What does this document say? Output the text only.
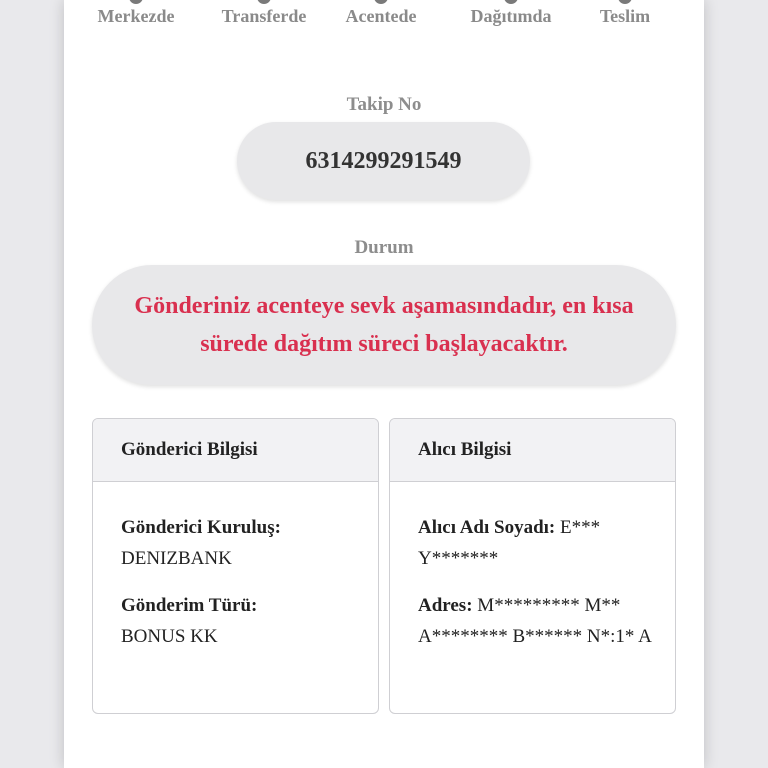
Merkezde	Transferde	Acentede	Dağıtımda	Teslim
Takip No
6314299291549
Durum
Gönderiniz acenteye sevk aşamasındadır, en kısa sürede dağıtım süreci başlayacaktır.
Gönderici Bilgisi
Gönderici Kuruluş:
DENIZBANK
Gönderim Türü:
BONUS KK
Alıcı Bilgisi
Alıcı Adı Soyadı: E*** Y*******
Adres: M********* M** A******** B****** N*:1* A
